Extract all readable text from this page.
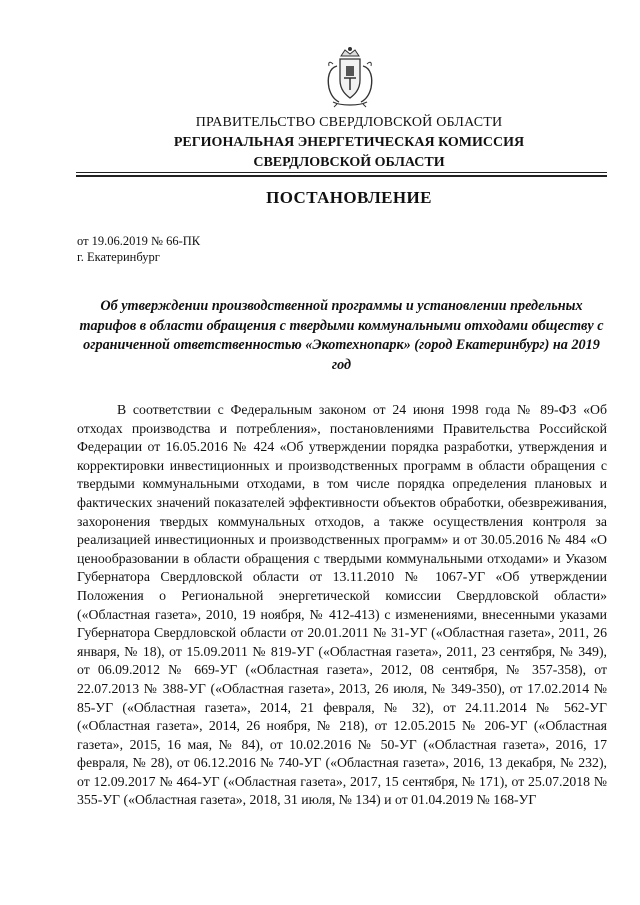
ПРАВИТЕЛЬСТВО СВЕРДЛОВСКОЙ ОБЛАСТИ
РЕГИОНАЛЬНАЯ ЭНЕРГЕТИЧЕСКАЯ КОМИССИЯ
СВЕРДЛОВСКОЙ ОБЛАСТИ
ПОСТАНОВЛЕНИЕ
от 19.06.2019 № 66-ПК
г. Екатеринбург
Об утверждении производственной программы и установлении предельных тарифов в области обращения с твердыми коммунальными отходами обществу с ограниченной ответственностью «Экотехнопарк» (город Екатеринбург) на 2019 год
В соответствии с Федеральным законом от 24 июня 1998 года № 89-ФЗ «Об отходах производства и потребления», постановлениями Правительства Российской Федерации от 16.05.2016 № 424 «Об утверждении порядка разработки, утверждения и корректировки инвестиционных и производственных программ в области обращения с твердыми коммунальными отходами, в том числе порядка определения плановых и фактических значений показателей эффективности объектов обработки, обезвреживания, захоронения твердых коммунальных отходов, а также осуществления контроля за реализацией инвестиционных и производственных программ» и от 30.05.2016 № 484 «О ценообразовании в области обращения с твердыми коммунальными отходами» и Указом Губернатора Свердловской области от 13.11.2010 № 1067-УГ «Об утверждении Положения о Региональной энергетической комиссии Свердловской области» («Областная газета», 2010, 19 ноября, № 412-413) с изменениями, внесенными указами Губернатора Свердловской области от 20.01.2011 № 31-УГ («Областная газета», 2011, 26 января, № 18), от 15.09.2011 № 819-УГ («Областная газета», 2011, 23 сентября, № 349), от 06.09.2012 № 669-УГ («Областная газета», 2012, 08 сентября, № 357-358), от 22.07.2013 № 388-УГ («Областная газета», 2013, 26 июля, № 349-350), от 17.02.2014 № 85-УГ («Областная газета», 2014, 21 февраля, № 32), от 24.11.2014 № 562-УГ («Областная газета», 2014, 26 ноября, № 218), от 12.05.2015 № 206-УГ («Областная газета», 2015, 16 мая, № 84), от 10.02.2016 № 50-УГ («Областная газета», 2016, 17 февраля, № 28), от 06.12.2016 № 740-УГ («Областная газета», 2016, 13 декабря, № 232), от 12.09.2017 № 464-УГ («Областная газета», 2017, 15 сентября, № 171), от 25.07.2018 № 355-УГ («Областная газета», 2018, 31 июля, № 134) и от 01.04.2019 № 168-УГ
